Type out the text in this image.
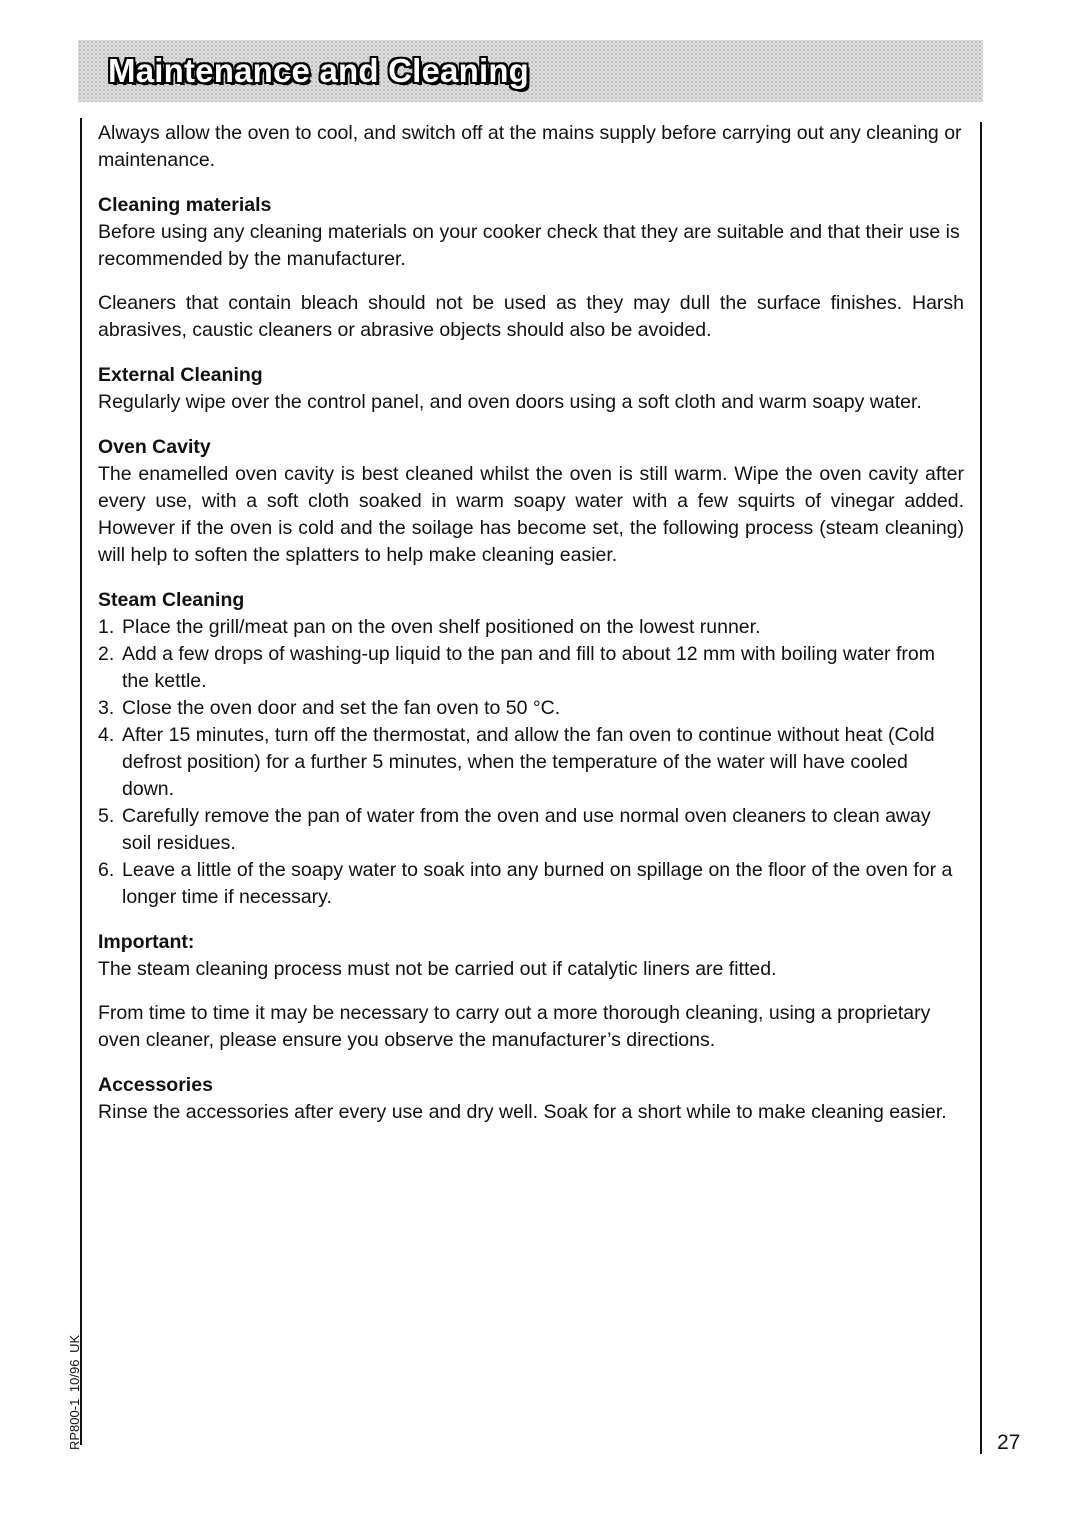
Maintenance and Cleaning

Always allow the oven to cool, and switch off at the mains supply before carrying out any cleaning or maintenance.

Cleaning materials

Before using any cleaning materials on your cooker check that they are suitable and that their use is recommended by the manufacturer.

Cleaners that contain bleach should not be used as they may dull the surface finishes. Harsh abrasives, caustic cleaners or abrasive objects should also be avoided.

External Cleaning

Regularly wipe over the control panel, and oven doors using a soft cloth and warm soapy water.

Oven Cavity

The enamelled oven cavity is best cleaned whilst the oven is still warm. Wipe the oven cavity after every use, with a soft cloth soaked in warm soapy water with a few squirts of vinegar added. However if the oven is cold and the soilage has become set, the following process (steam cleaning) will help to soften the splatters to help make cleaning easier.

Steam Cleaning
1. Place the grill/meat pan on the oven shelf positioned on the lowest runner.
2. Add a few drops of washing-up liquid to the pan and fill to about 12 mm with boiling water from the kettle.
3. Close the oven door and set the fan oven to 50 °C.
4. After 15 minutes, turn off the thermostat, and allow the fan oven to continue without heat (Cold defrost position) for a further 5 minutes, when the temperature of the water will have cooled down.
5. Carefully remove the pan of water from the oven and use normal oven cleaners to clean away soil residues.
6. Leave a little of the soapy water to soak into any burned on spillage on the floor of the oven for a longer time if necessary.
Important:

The steam cleaning process must not be carried out if catalytic liners are fitted.

From time to time it may be necessary to carry out a more thorough cleaning, using a proprietary oven cleaner, please ensure you observe the manufacturer’s directions.

Accessories

Rinse the accessories after every use and dry well. Soak for a short while to make cleaning easier.

RP800-1 10/96 UK	27
